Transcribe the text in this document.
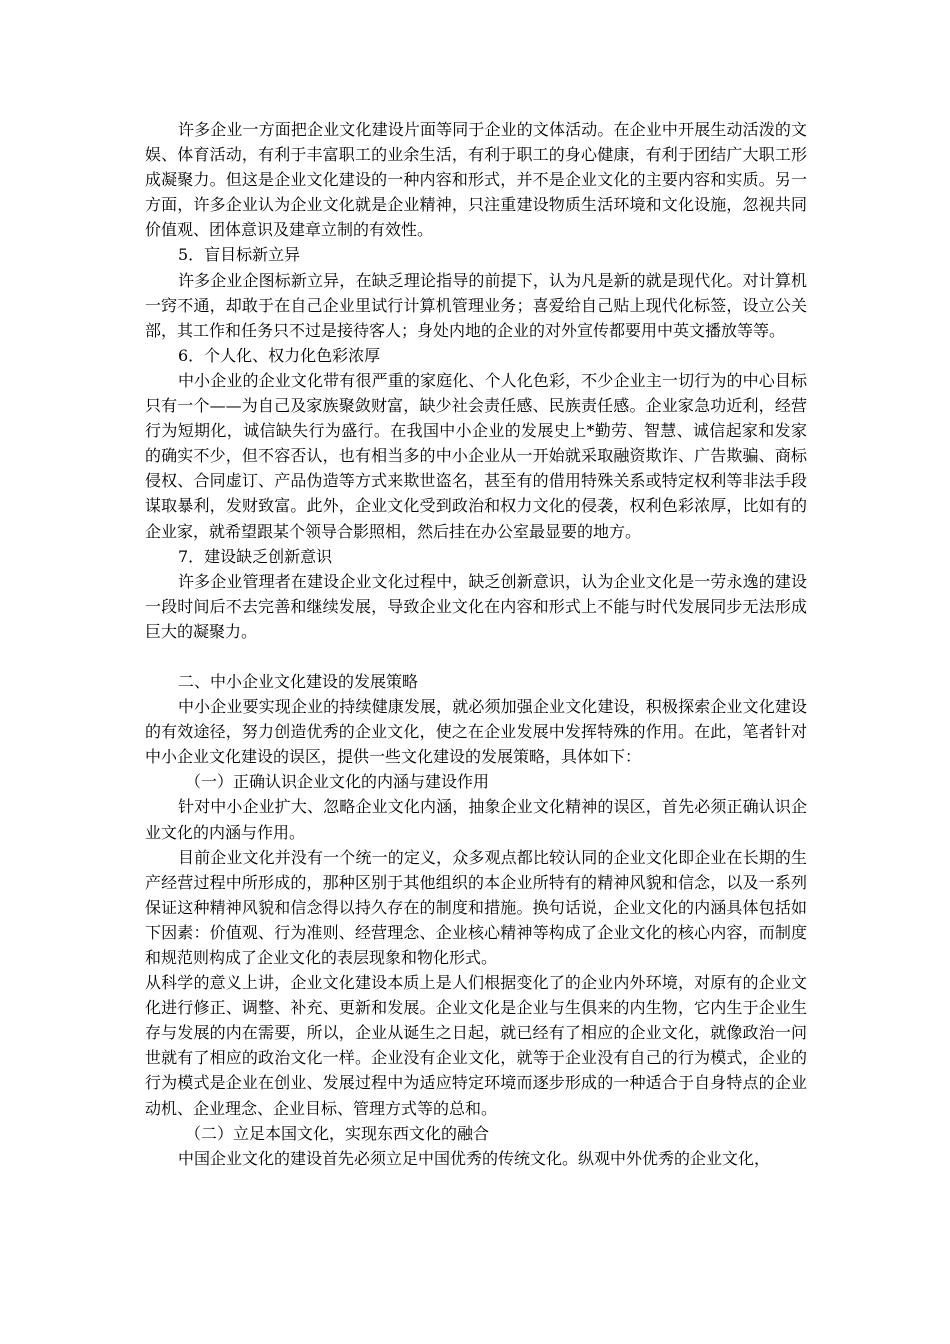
许多企业一方面把企业文化建设片面等同于企业的文体活动。在企业中开展生动活泼的文娱、体育活动，有利于丰富职工的业余生活，有利于职工的身心健康，有利于团结广大职工形成凝聚力。但这是企业文化建设的一种内容和形式，并不是企业文化的主要内容和实质。另一方面，许多企业认为企业文化就是企业精神，只注重建设物质生活环境和文化设施，忽视共同价值观、团体意识及建章立制的有效性。

5．盲目标新立异

许多企业企图标新立异，在缺乏理论指导的前提下，认为凡是新的就是现代化。对计算机一窍不通，却敢于在自己企业里试行计算机管理业务；喜爱给自己贴上现代化标签，设立公关部，其工作和任务只不过是接待客人；身处内地的企业的对外宣传都要用中英文播放等等。

6．个人化、权力化色彩浓厚

中小企业的企业文化带有很严重的家庭化、个人化色彩，不少企业主一切行为的中心目标只有一个——为自己及家族聚敛财富，缺少社会责任感、民族责任感。企业家急功近利，经营行为短期化，诚信缺失行为盛行。在我国中小企业的发展史上*勤劳、智慧、诚信起家和发家的确实不少，但不容否认，也有相当多的中小企业从一开始就采取融资欺诈、广告欺骗、商标侵权、合同虚订、产品伪造等方式来欺世盗名，甚至有的借用特殊关系或特定权利等非法手段谋取暴利，发财致富。此外，企业文化受到政治和权力文化的侵袭，权利色彩浓厚，比如有的企业家，就希望跟某个领导合影照相，然后挂在办公室最显要的地方。

7．建设缺乏创新意识

许多企业管理者在建设企业文化过程中，缺乏创新意识，认为企业文化是一劳永逸的建设一段时间后不去完善和继续发展，导致企业文化在内容和形式上不能与时代发展同步无法形成巨大的凝聚力。

二、中小企业文化建设的发展策略

中小企业要实现企业的持续健康发展，就必须加强企业文化建设，积极探索企业文化建设的有效途径，努力创造优秀的企业文化，使之在企业发展中发挥特殊的作用。在此，笔者针对中小企业文化建设的误区，提供一些文化建设的发展策略，具体如下：

（一）正确认识企业文化的内涵与建设作用

针对中小企业扩大、忽略企业文化内涵，抽象企业文化精神的误区，首先必须正确认识企业文化的内涵与作用。

目前企业文化并没有一个统一的定义，众多观点都比较认同的企业文化即企业在长期的生产经营过程中所形成的，那种区别于其他组织的本企业所特有的精神风貌和信念，以及一系列保证这种精神风貌和信念得以持久存在的制度和措施。换句话说，企业文化的内涵具体包括如下因素：价值观、行为准则、经营理念、企业核心精神等构成了企业文化的核心内容，而制度和规范则构成了企业文化的表层现象和物化形式。

从科学的意义上讲，企业文化建设本质上是人们根据变化了的企业内外环境，对原有的企业文化进行修正、调整、补充、更新和发展。企业文化是企业与生俱来的内生物，它内生于企业生存与发展的内在需要，所以，企业从诞生之日起，就已经有了相应的企业文化，就像政治一问世就有了相应的政治文化一样。企业没有企业文化，就等于企业没有自己的行为模式，企业的行为模式是企业在创业、发展过程中为适应特定环境而逐步形成的一种适合于自身特点的企业动机、企业理念、企业目标、管理方式等的总和。

（二）立足本国文化，实现东西文化的融合

中国企业文化的建设首先必须立足中国优秀的传统文化。纵观中外优秀的企业文化，
